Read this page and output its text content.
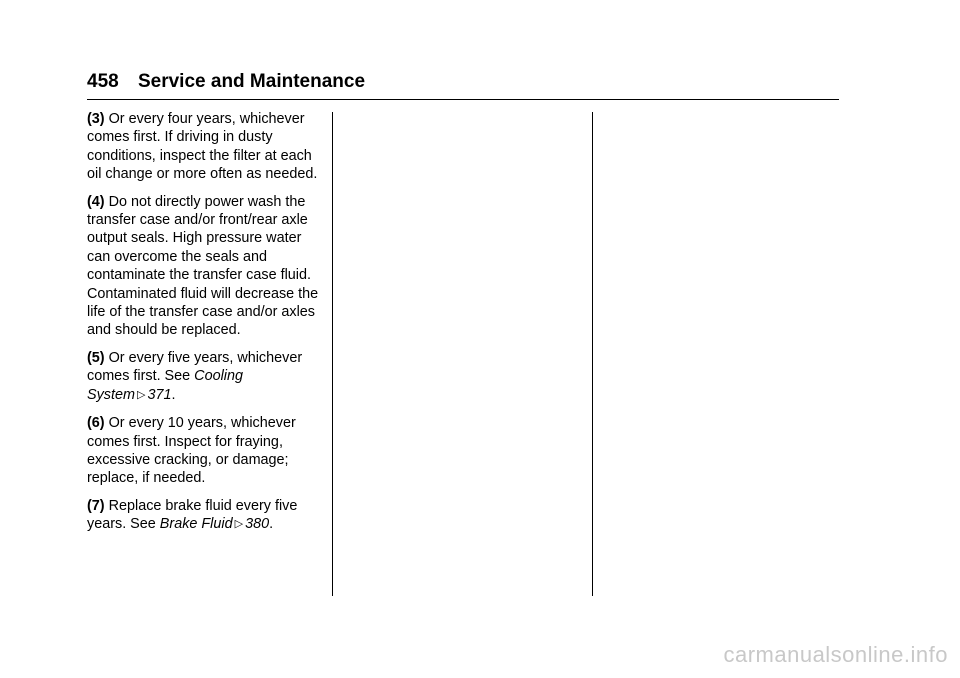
458 Service and Maintenance

(3) Or every four years, whichever comes first. If driving in dusty conditions, inspect the filter at each oil change or more often as needed.

(4) Do not directly power wash the transfer case and/or front/rear axle output seals. High pressure water can overcome the seals and contaminate the transfer case fluid. Contaminated fluid will decrease the life of the transfer case and/or axles and should be replaced.

(5) Or every five years, whichever comes first. See Cooling System ▷ 371.

(6) Or every 10 years, whichever comes first. Inspect for fraying, excessive cracking, or damage; replace, if needed.

(7) Replace brake fluid every five years. See Brake Fluid ▷ 380.

carmanualsonline.info
